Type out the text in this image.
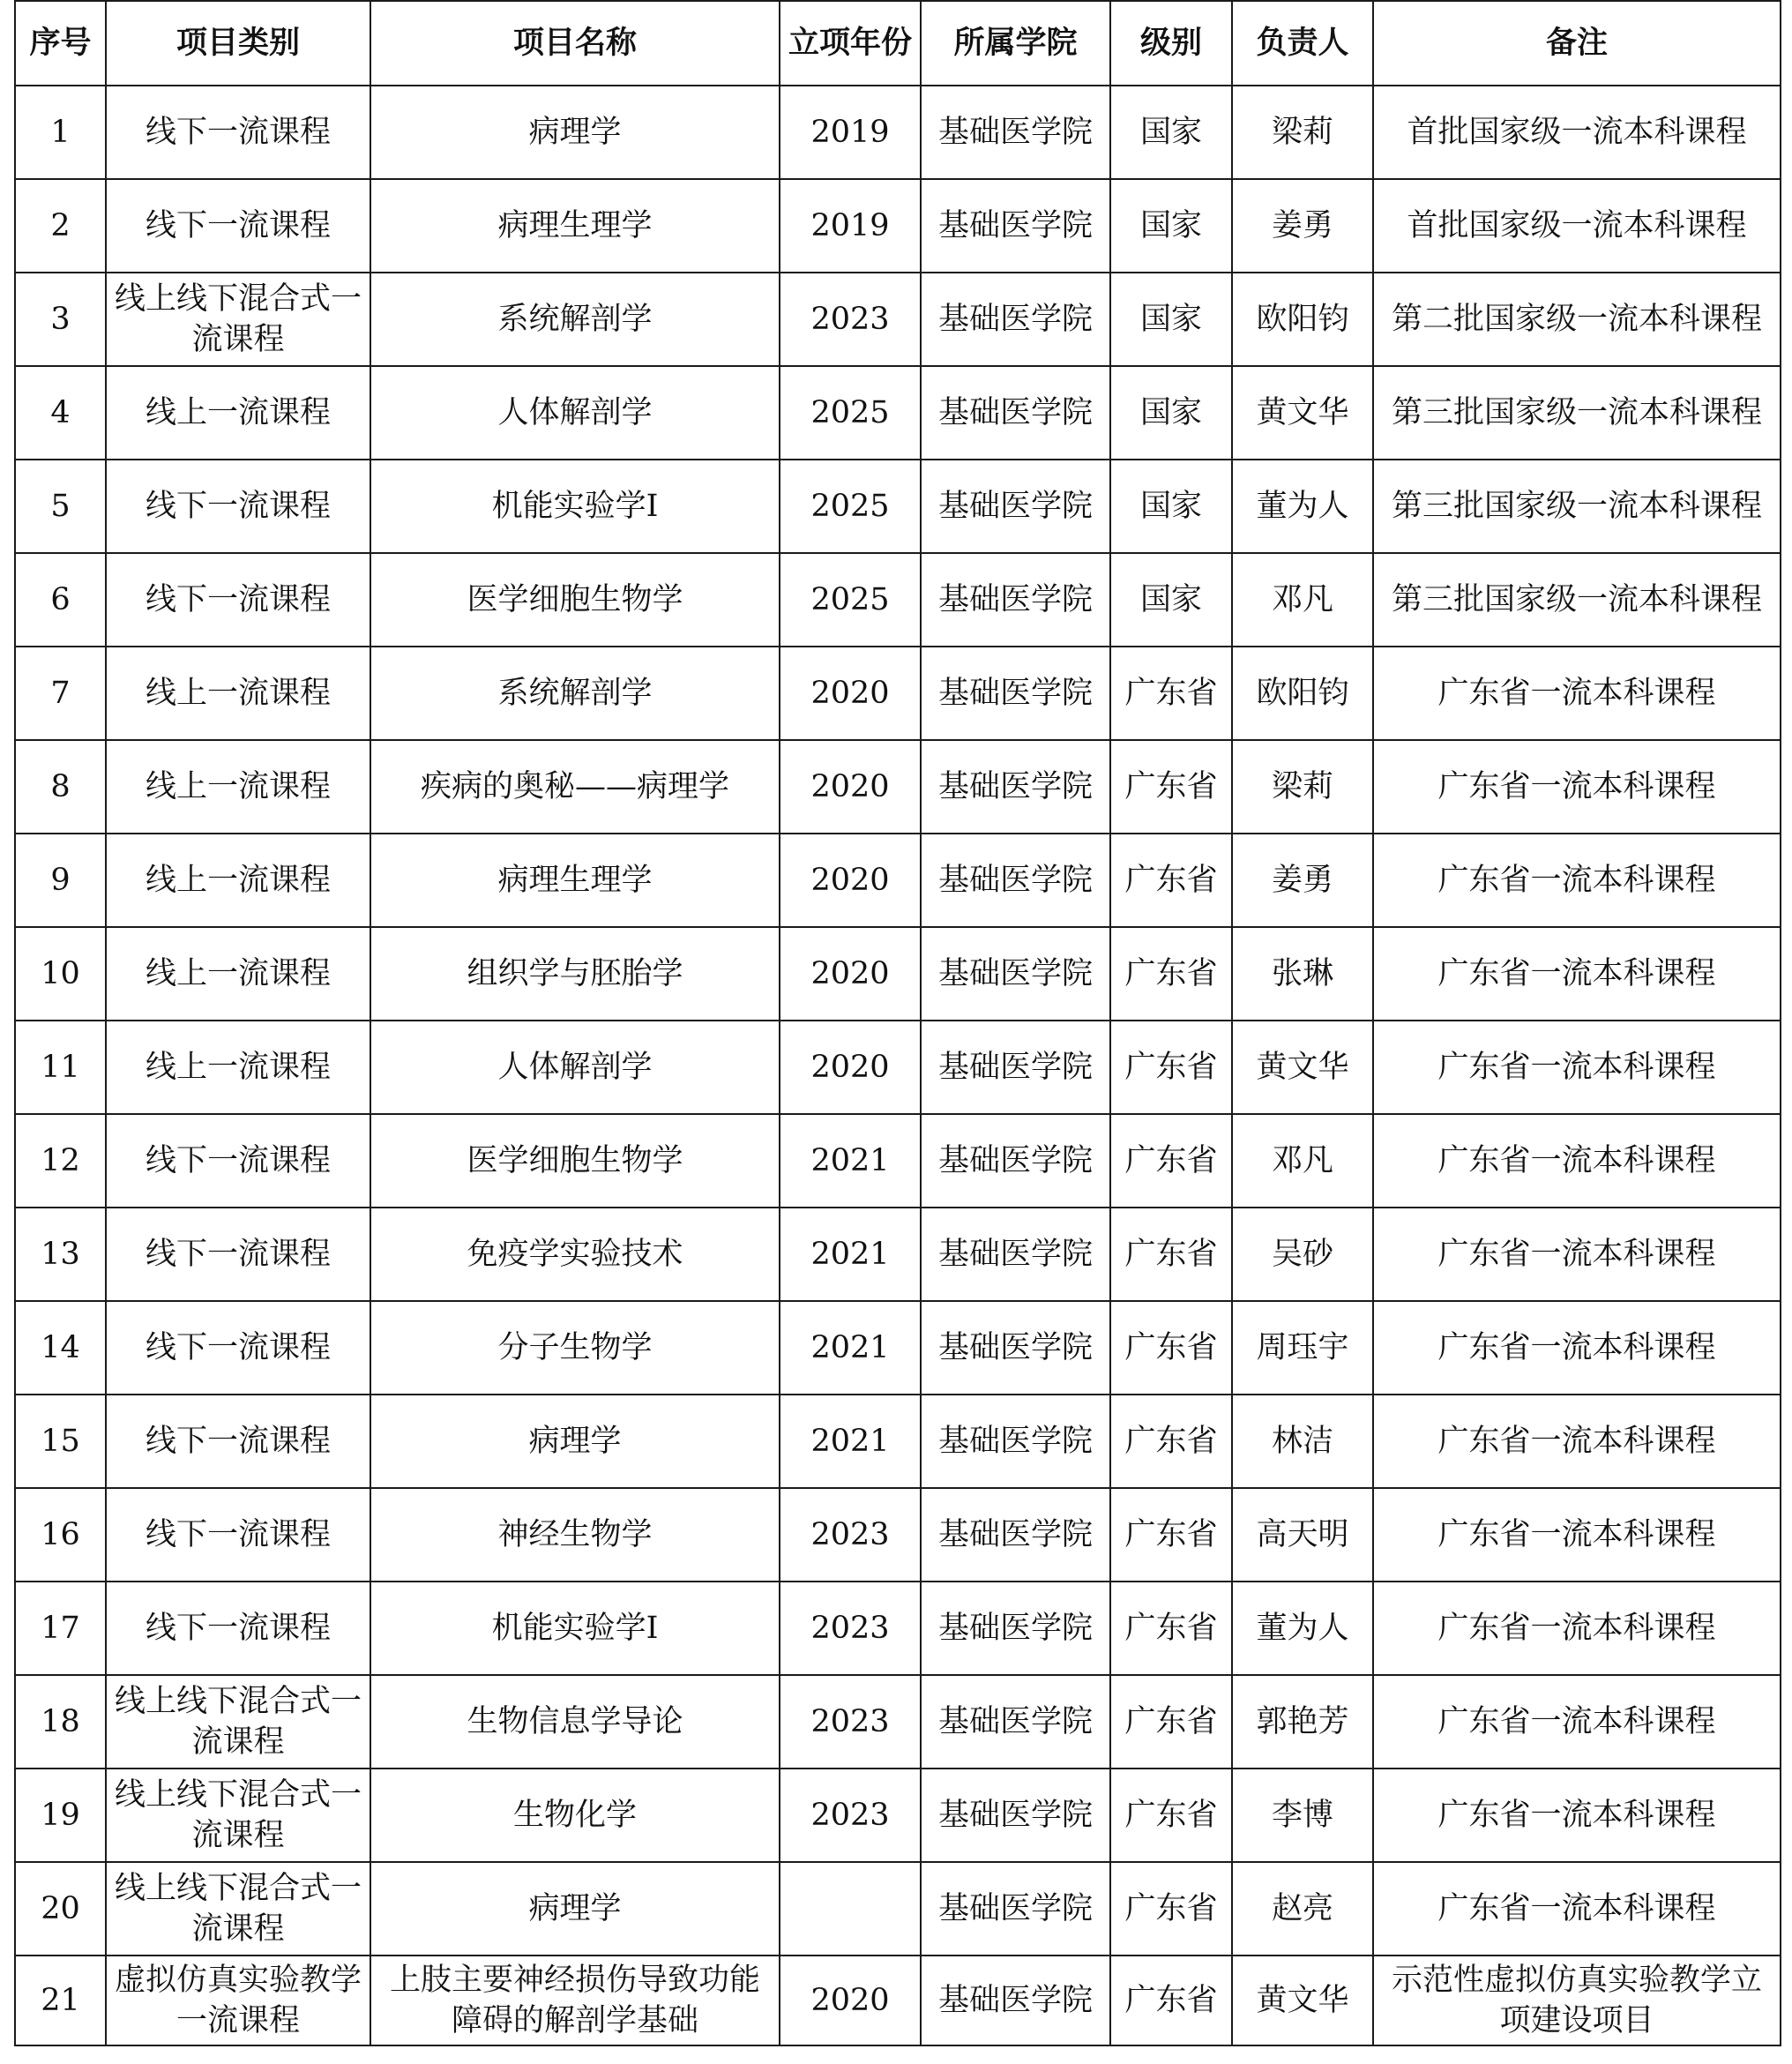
序号	项目类别	项目名称	立项年份	所属学院	级别	负责人	备注
1	线下一流课程	病理学	2019	基础医学院	国家	梁莉	首批国家级一流本科课程
2	线下一流课程	病理生理学	2019	基础医学院	国家	姜勇	首批国家级一流本科课程
3	线上线下混合式一流课程	系统解剖学	2023	基础医学院	国家	欧阳钧	第二批国家级一流本科课程
4	线上一流课程	人体解剖学	2025	基础医学院	国家	黄文华	第三批国家级一流本科课程
5	线下一流课程	机能实验学I	2025	基础医学院	国家	董为人	第三批国家级一流本科课程
6	线下一流课程	医学细胞生物学	2025	基础医学院	国家	邓凡	第三批国家级一流本科课程
7	线上一流课程	系统解剖学	2020	基础医学院	广东省	欧阳钧	广东省一流本科课程
8	线上一流课程	疾病的奥秘——病理学	2020	基础医学院	广东省	梁莉	广东省一流本科课程
9	线上一流课程	病理生理学	2020	基础医学院	广东省	姜勇	广东省一流本科课程
10	线上一流课程	组织学与胚胎学	2020	基础医学院	广东省	张琳	广东省一流本科课程
11	线上一流课程	人体解剖学	2020	基础医学院	广东省	黄文华	广东省一流本科课程
12	线下一流课程	医学细胞生物学	2021	基础医学院	广东省	邓凡	广东省一流本科课程
13	线下一流课程	免疫学实验技术	2021	基础医学院	广东省	吴砂	广东省一流本科课程
14	线下一流课程	分子生物学	2021	基础医学院	广东省	周珏宇	广东省一流本科课程
15	线下一流课程	病理学	2021	基础医学院	广东省	林洁	广东省一流本科课程
16	线下一流课程	神经生物学	2023	基础医学院	广东省	高天明	广东省一流本科课程
17	线下一流课程	机能实验学I	2023	基础医学院	广东省	董为人	广东省一流本科课程
18	线上线下混合式一流课程	生物信息学导论	2023	基础医学院	广东省	郭艳芳	广东省一流本科课程
19	线上线下混合式一流课程	生物化学	2023	基础医学院	广东省	李博	广东省一流本科课程
20	线上线下混合式一流课程	病理学		基础医学院	广东省	赵亮	广东省一流本科课程
21	虚拟仿真实验教学一流课程	上肢主要神经损伤导致功能障碍的解剖学基础	2020	基础医学院	广东省	黄文华	示范性虚拟仿真实验教学立项建设项目
